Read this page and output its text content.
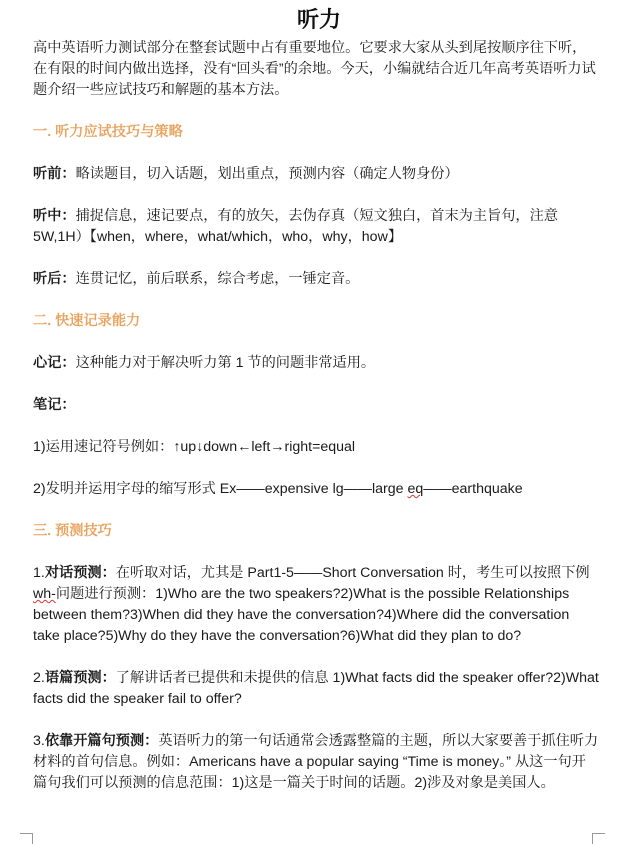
听力

高中英语听力测试部分在整套试题中占有重要地位。它要求大家从头到尾按顺序往下听，在有限的时间内做出选择，没有“回头看”的余地。今天，小编就结合近几年高考英语听力试题介绍一些应试技巧和解题的基本方法。

一. 听力应试技巧与策略

听前：略读题目，切入话题，划出重点，预测内容（确定人物身份）

听中：捕捉信息，速记要点，有的放矢，去伪存真（短文独白，首末为主旨句，注意5W,1H）【when，where，what/which，who，why，how】

听后：连贯记忆，前后联系，综合考虑，一锤定音。

二. 快速记录能力

心记：这种能力对于解决听力第 1 节的问题非常适用。

笔记：

1)运用速记符号例如：↑up↓down←left→right=equal

2)发明并运用字母的缩写形式 Ex——expensive lg——large eq——earthquake

三. 预测技巧

1.对话预测：在听取对话，尤其是 Part1-5——Short Conversation 时，考生可以按照下例 wh-问题进行预测：1)Who are the two speakers?2)What is the possible Relationships between them?3)When did they have the conversation?4)Where did the conversation take place?5)Why do they have the conversation?6)What did they plan to do?

2.语篇预测：了解讲话者已提供和未提供的信息 1)What facts did the speaker offer?2)What facts did the speaker fail to offer?

3.依靠开篇句预测：英语听力的第一句话通常会透露整篇的主题，所以大家要善于抓住听力材料的首句信息。例如：Americans have a popular saying “Time is money。” 从这一句开篇句我们可以预测的信息范围：1)这是一篇关于时间的话题。2)涉及对象是美国人。
